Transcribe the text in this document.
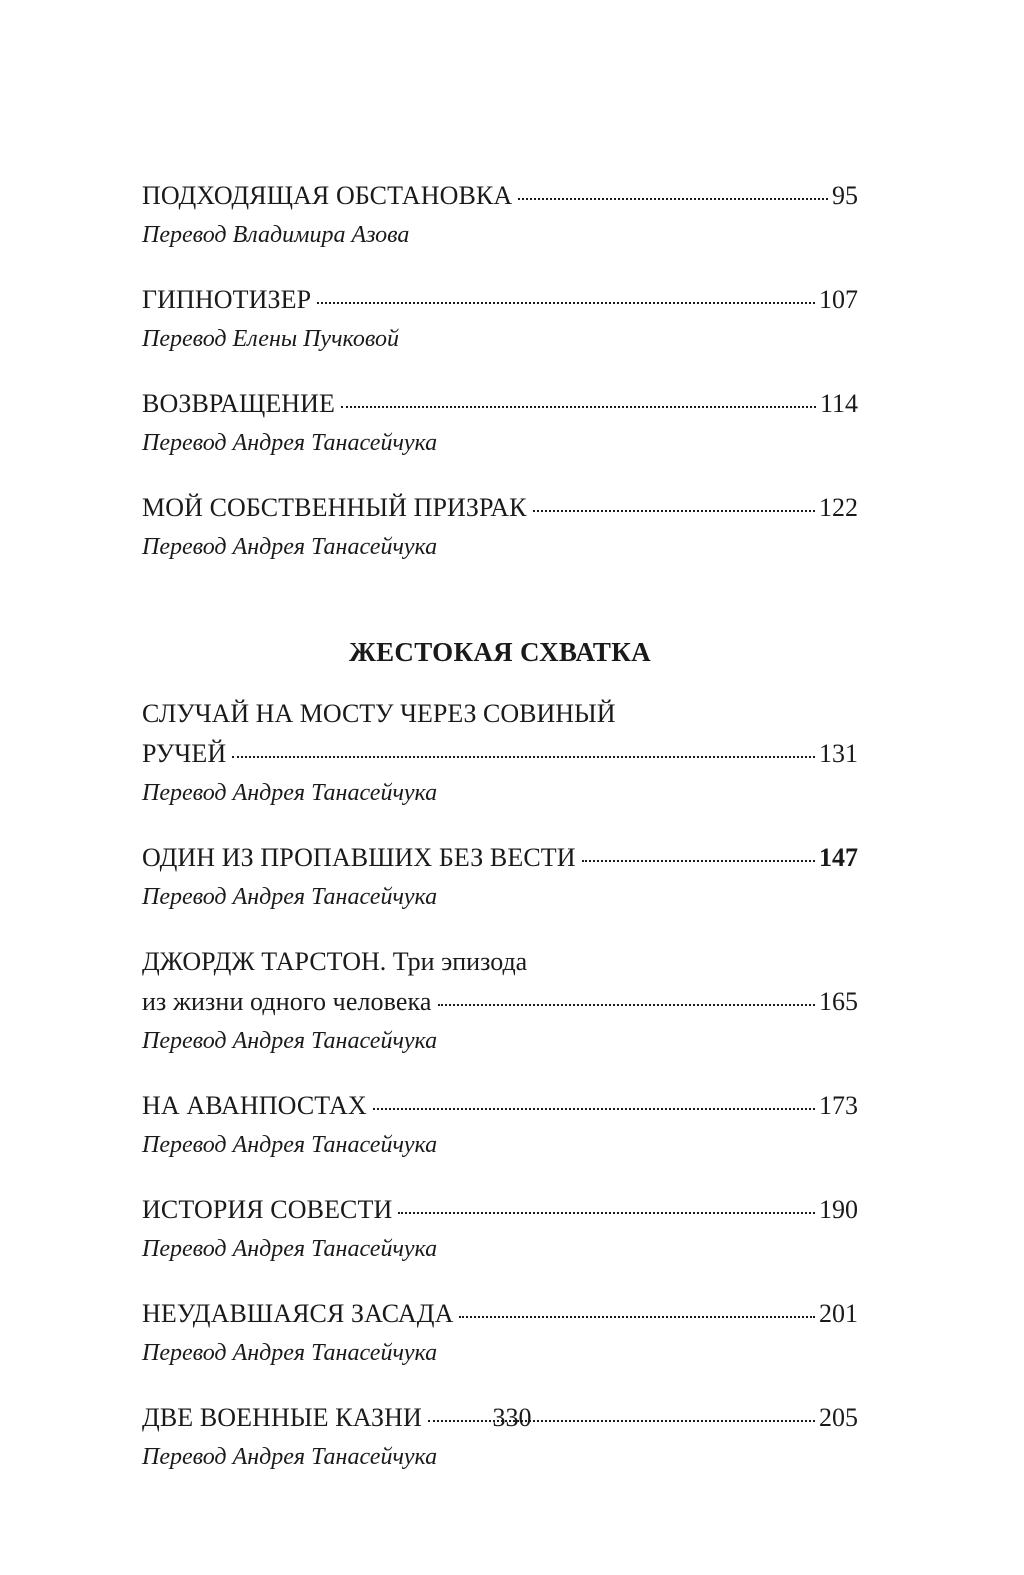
ПОДХОДЯЩАЯ ОБСТАНОВКА	95
Перевод Владимира Азова
ГИПНОТИЗЕР	107
Перевод Елены Пучковой
ВОЗВРАЩЕНИЕ	114
Перевод Андрея Танасейчука
МОЙ СОБСТВЕННЫЙ ПРИЗРАК	122
Перевод Андрея Танасейчука
ЖЕСТОКАЯ СХВАТКА
СЛУЧАЙ НА МОСТУ ЧЕРЕЗ СОВИНЫЙ
РУЧЕЙ	131
Перевод Андрея Танасейчука
ОДИН ИЗ ПРОПАВШИХ БЕЗ ВЕСТИ	147
Перевод Андрея Танасейчука
ДЖОРДЖ ТАРСТОН. Три эпизода
из жизни одного человека	165
Перевод Андрея Танасейчука
НА АВАНПОСТАХ	173
Перевод Андрея Танасейчука
ИСТОРИЯ СОВЕСТИ	190
Перевод Андрея Танасейчука
НЕУДАВШАЯСЯ ЗАСАДА	201
Перевод Андрея Танасейчука
ДВЕ ВОЕННЫЕ КАЗНИ	205
Перевод Андрея Танасейчука
330
